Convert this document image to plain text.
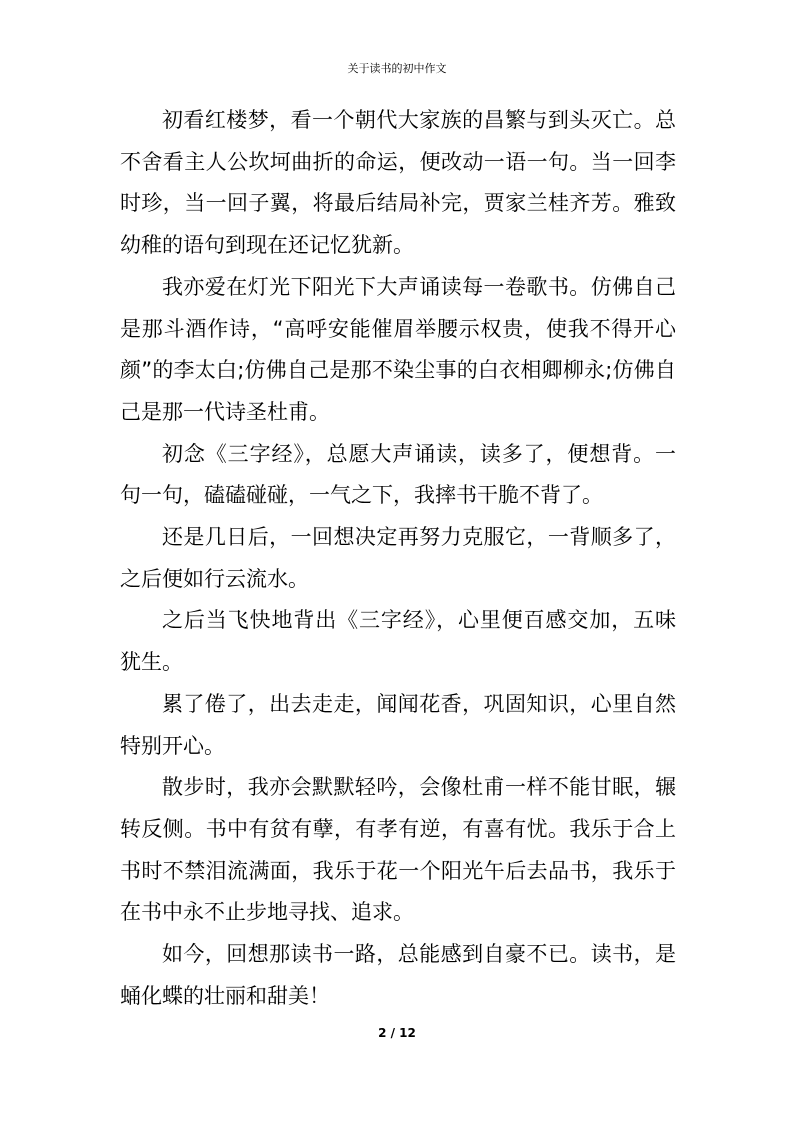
关于读书的初中作文

初看红楼梦，看一个朝代大家族的昌繁与到头灭亡。总不舍看主人公坎坷曲折的命运，便改动一语一句。当一回李时珍，当一回子翼，将最后结局补完，贾家兰桂齐芳。雅致幼稚的语句到现在还记忆犹新。

我亦爱在灯光下阳光下大声诵读每一卷歌书。仿佛自己是那斗酒作诗，“高呼安能催眉举腰示权贵，使我不得开心颜”的李太白;仿佛自己是那不染尘事的白衣相卿柳永;仿佛自己是那一代诗圣杜甫。

初念《三字经》，总愿大声诵读，读多了，便想背。一句一句，磕磕碰碰，一气之下，我摔书干脆不背了。

还是几日后，一回想决定再努力克服它，一背顺多了，之后便如行云流水。

之后当飞快地背出《三字经》，心里便百感交加，五味犹生。

累了倦了，出去走走，闻闻花香，巩固知识，心里自然特别开心。

散步时，我亦会默默轻吟，会像杜甫一样不能甘眠，辗转反侧。书中有贫有孽，有孝有逆，有喜有忧。我乐于合上书时不禁泪流满面，我乐于花一个阳光午后去品书，我乐于在书中永不止步地寻找、追求。

如今，回想那读书一路，总能感到自豪不已。读书，是蛹化蝶的壮丽和甜美！

2 / 12
